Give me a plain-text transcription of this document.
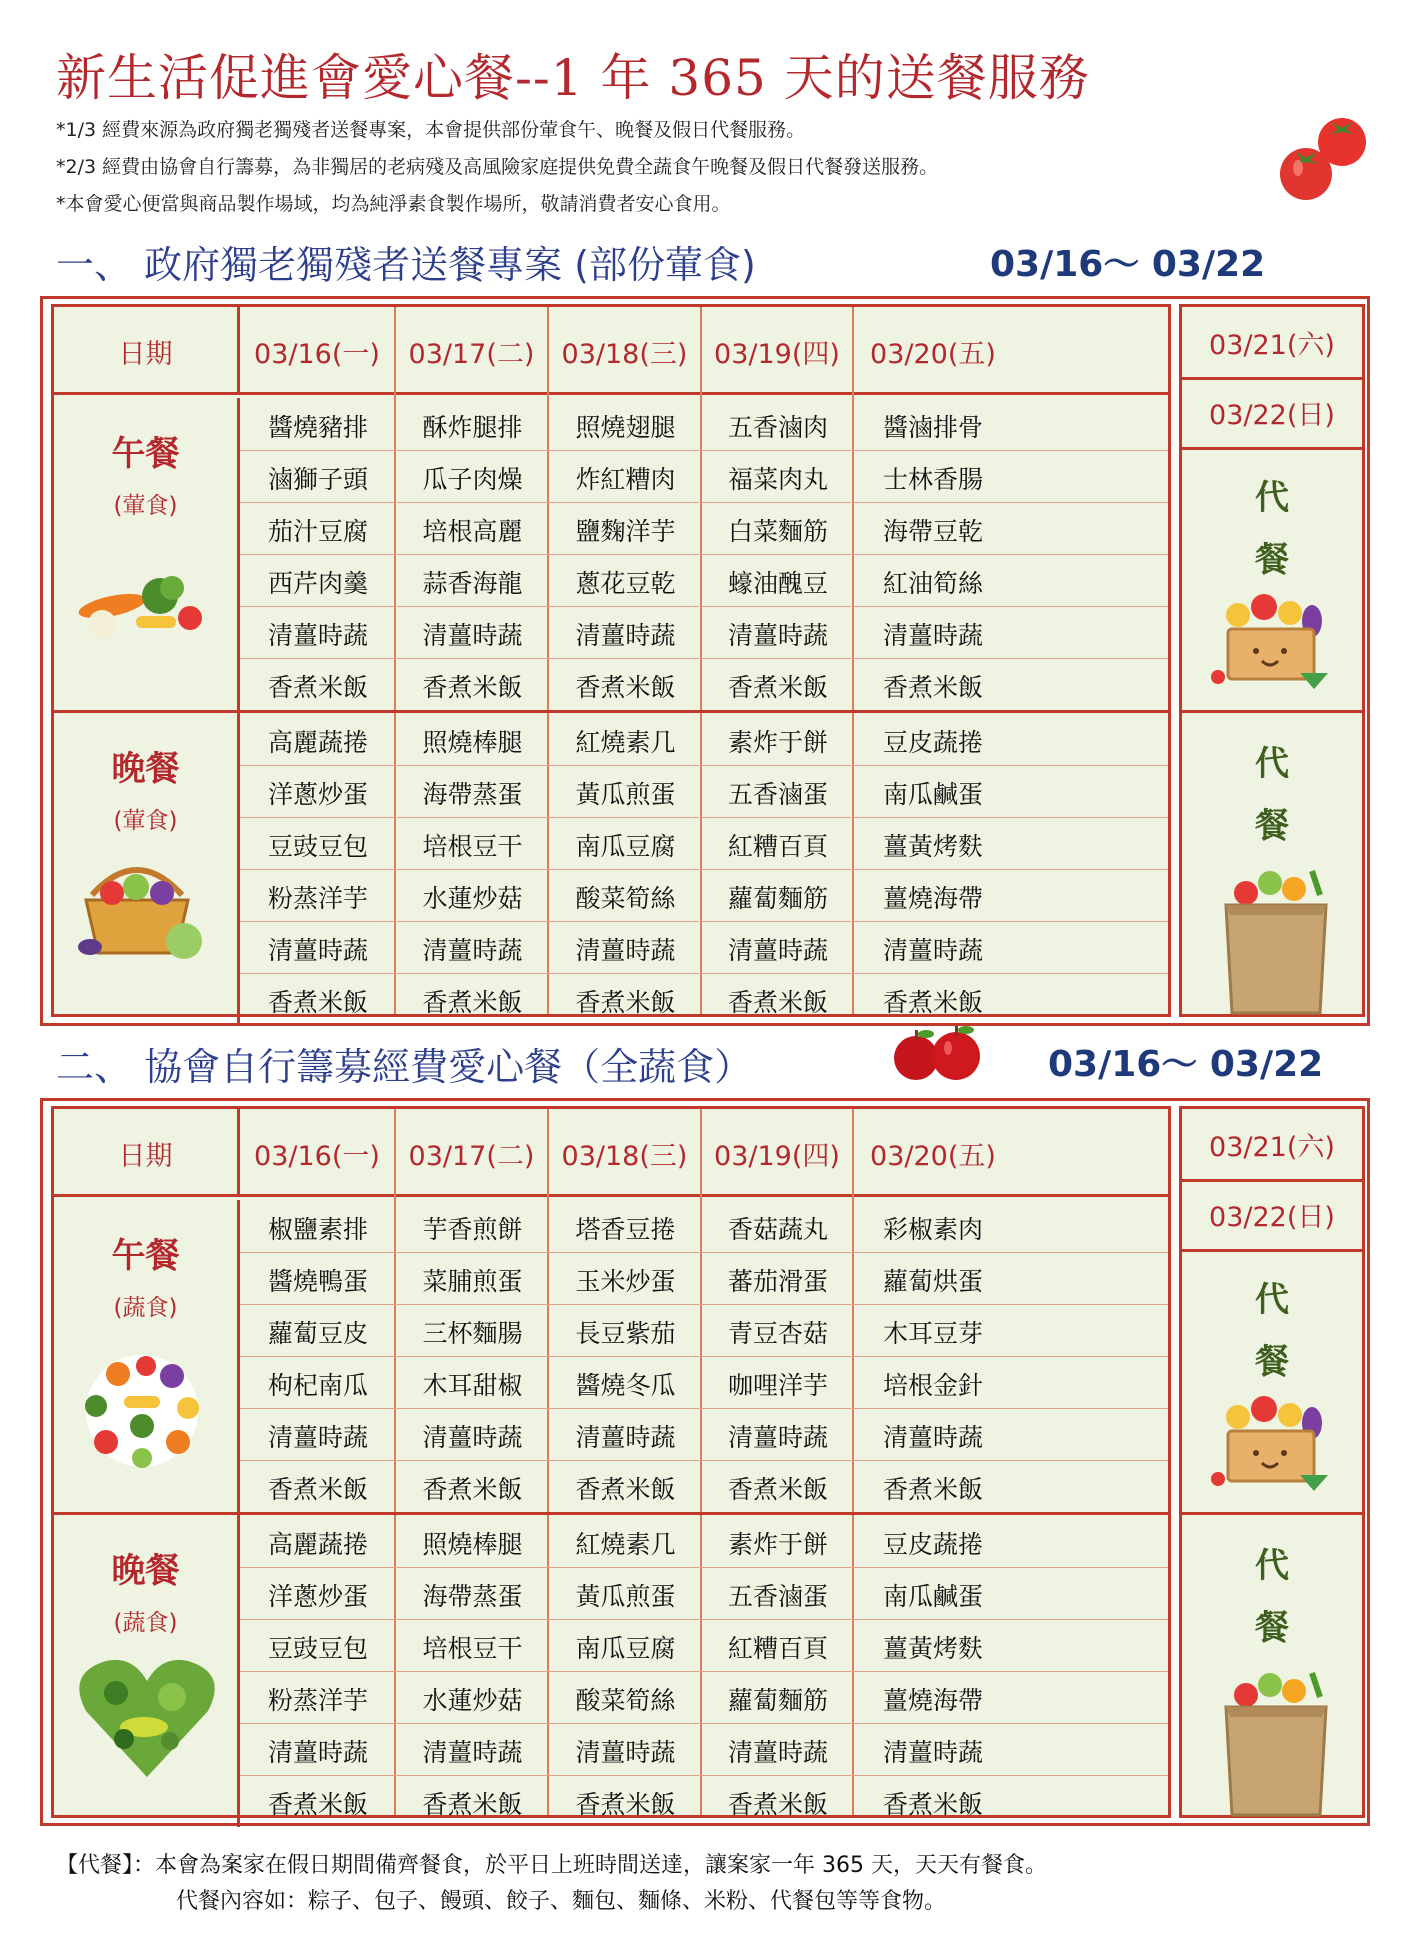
新生活促進會愛心餐--1 年 365 天的送餐服務
*1/3 經費來源為政府獨老獨殘者送餐專案，本會提供部份葷食午、晚餐及假日代餐服務。
*2/3 經費由協會自行籌募，為非獨居的老病殘及高風險家庭提供免費全蔬食午晚餐及假日代餐發送服務。
*本會愛心便當與商品製作場域，均為純淨素食製作場所，敬請消費者安心食用。
一、 政府獨老獨殘者送餐專案 (部份葷食)	03/16～ 03/22
日期	03/16(一)	03/17(二)	03/18(三) 03/19(四)	03/20(五)
午餐
(葷食)
醬燒豬排	酥炸腿排	照燒翅腿	五香滷肉	醬滷排骨
滷獅子頭	瓜子肉燥	炸紅糟肉	福菜肉丸	士林香腸
茄汁豆腐	培根高麗	鹽麴洋芋	白菜麵筋	海帶豆乾
西芹肉羹	蒜香海龍	蔥花豆乾	蠔油醜豆	紅油筍絲
清薑時蔬	清薑時蔬	清薑時蔬	清薑時蔬	清薑時蔬
香煮米飯	香煮米飯	香煮米飯	香煮米飯	香煮米飯
晚餐
(葷食)
高麗蔬捲	照燒棒腿	紅燒素几	素炸于餅	豆皮蔬捲
洋蔥炒蛋	海帶蒸蛋	黃瓜煎蛋	五香滷蛋	南瓜鹹蛋
豆豉豆包	培根豆干	南瓜豆腐	紅糟百頁	薑黃烤麩
粉蒸洋芋	水蓮炒菇	酸菜筍絲	蘿蔔麵筋	薑燒海帶
清薑時蔬	清薑時蔬	清薑時蔬	清薑時蔬	清薑時蔬
香煮米飯	香煮米飯	香煮米飯	香煮米飯	香煮米飯
03/21(六)
03/22(日)
代
餐
代
餐
二、 協會自行籌募經費愛心餐（全蔬食）	03/16～ 03/22
日期	03/16(一)	03/17(二)	03/18(三) 03/19(四)	03/20(五)
午餐
(蔬食)
椒鹽素排	芋香煎餅	塔香豆捲	香菇蔬丸	彩椒素肉
醬燒鴨蛋	菜脯煎蛋	玉米炒蛋	蕃茄滑蛋	蘿蔔烘蛋
蘿蔔豆皮	三杯麵腸	長豆紫茄	青豆杏菇	木耳豆芽
枸杞南瓜	木耳甜椒	醬燒冬瓜	咖哩洋芋	培根金針
清薑時蔬	清薑時蔬	清薑時蔬	清薑時蔬	清薑時蔬
香煮米飯	香煮米飯	香煮米飯	香煮米飯	香煮米飯
晚餐
(蔬食)
高麗蔬捲	照燒棒腿	紅燒素几	素炸于餅	豆皮蔬捲
洋蔥炒蛋	海帶蒸蛋	黃瓜煎蛋	五香滷蛋	南瓜鹹蛋
豆豉豆包	培根豆干	南瓜豆腐	紅糟百頁	薑黃烤麩
粉蒸洋芋	水蓮炒菇	酸菜筍絲	蘿蔔麵筋	薑燒海帶
清薑時蔬	清薑時蔬	清薑時蔬	清薑時蔬	清薑時蔬
香煮米飯	香煮米飯	香煮米飯	香煮米飯	香煮米飯
03/21(六)
03/22(日)
代
餐
代
餐
【代餐】：本會為案家在假日期間備齊餐食，於平日上班時間送達，讓案家一年 365 天，天天有餐食。
代餐內容如：粽子、包子、饅頭、餃子、麵包、麵條、米粉、代餐包等等食物。
